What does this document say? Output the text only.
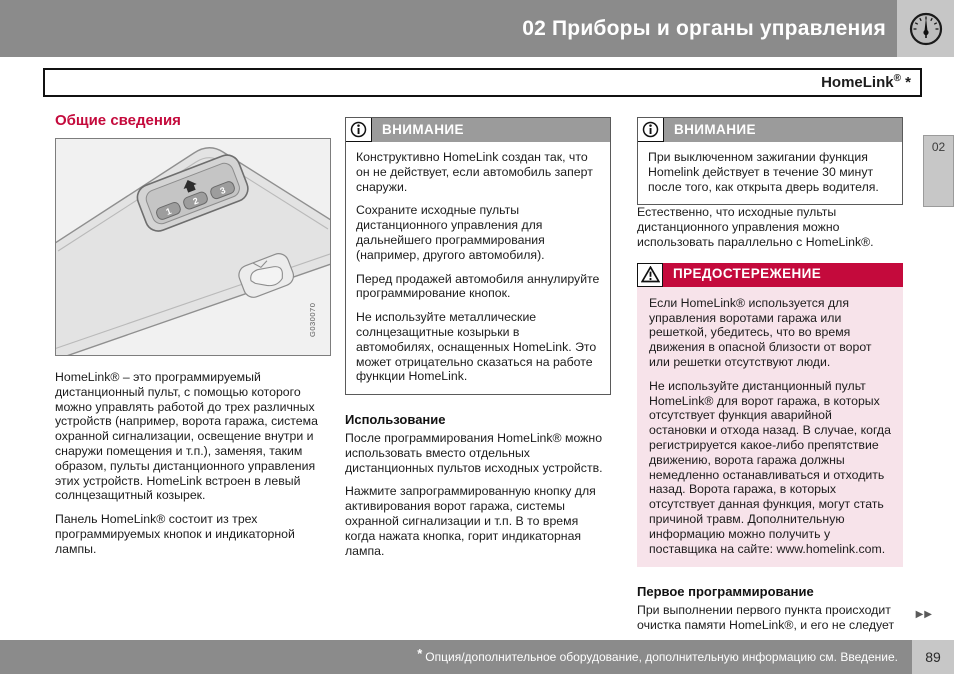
02 Приборы и органы управления
HomeLink® *
02
Общие сведения
1
2
3
G030070

HomeLink® – это программируемый дистанционный пульт, с помощью которого можно управлять работой до трех различных устройств (например, ворота гаража, система охранной сигнализации, освещение внутри и снаружи помещения и т.п.), заменяя, таким образом, пульты дистанционного управления этих устройств. HomeLink встроен в левый солнцезащитный козырек.

Панель HomeLink® состоит из трех программируемых кнопок и индикаторной лампы.

ВНИМАНИЕ

Конструктивно HomeLink создан так, что он не действует, если автомобиль заперт снаружи.

Сохраните исходные пульты дистанционного управления для дальнейшего программирования (например, другого автомобиля).

Перед продажей автомобиля аннулируйте программирование кнопок.

Не используйте металлические солнцезащитные козырьки в автомобилях, оснащенных HomeLink. Это может отрицательно сказаться на работе функции HomeLink.

Использование

После программирования HomeLink® можно использовать вместо отдельных дистанционных пультов исходных устройств.

Нажмите запрограммированную кнопку для активирования ворот гаража, системы охранной сигнализации и т.п. В то время когда нажата кнопка, горит индикаторная лампа.

ВНИМАНИЕ

При выключенном зажигании функция Homelink действует в течение 30 минут после того, как открыта дверь водителя.

Естественно, что исходные пульты дистанционного управления можно использовать параллельно с HomeLink®.

ПРЕДОСТЕРЕЖЕНИЕ

Если HomeLink® используется для управления воротами гаража или решеткой, убедитесь, что во время движения в опасной близости от ворот или решетки отсутствуют люди.

Не используйте дистанционный пульт HomeLink® для ворот гаража, в которых отсутствует функция аварийной остановки и отхода назад. В случае, когда регистрируется какое-либо препятствие движению, ворота гаража должны немедленно останавливаться и отходить назад. Ворота гаража, в которых отсутствует данная функция, могут стать причиной травм. Дополнительную информацию можно получить у поставщика на сайте: www.homelink.com.

Первое программирование

При выполнении первого пункта происходит очистка памяти HomeLink®, и его не следует

▶▶
* Опция/дополнительное оборудование, дополнительную информацию см. Введение.	89
